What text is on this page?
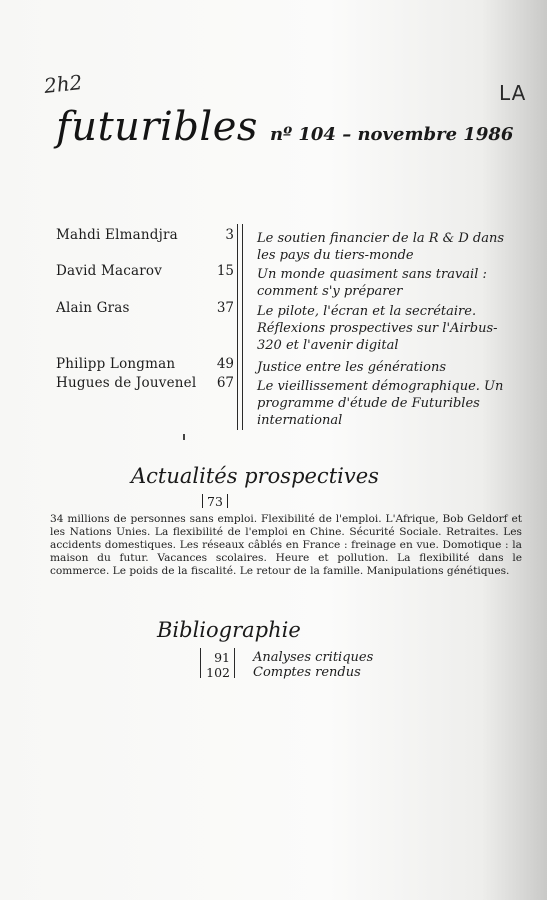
2h2	LA
futuribles nº 104 – novembre 1986
Mahdi Elmandjra	3 Le soutien financier de la R & D dans les pays du tiers-monde
David Macarov	15 Un monde quasiment sans travail : comment s'y préparer
Alain Gras	37 Le pilote, l'écran et la secrétaire. Réflexions prospectives sur l'Airbus-320 et l'avenir digital
Philipp Longman	49 Justice entre les générations
Hugues de Jouvenel	67 Le vieillissement démographique. Un programme d'étude de Futuribles international
Actualités prospectives
73
34 millions de personnes sans emploi. Flexibilité de l'emploi. L'Afrique, Bob Geldorf et les Nations Unies. La flexibilité de l'emploi en Chine. Sécurité Sociale. Retraites. Les accidents domestiques. Les réseaux câblés en France : freinage en vue. Domotique : la maison du futur. Vacances scolaires. Heure et pollution. La flexibilité dans le commerce. Le poids de la fiscalité. Le retour de la famille. Manipulations génétiques.
Bibliographie
91 Analyses critiques
102 Comptes rendus
